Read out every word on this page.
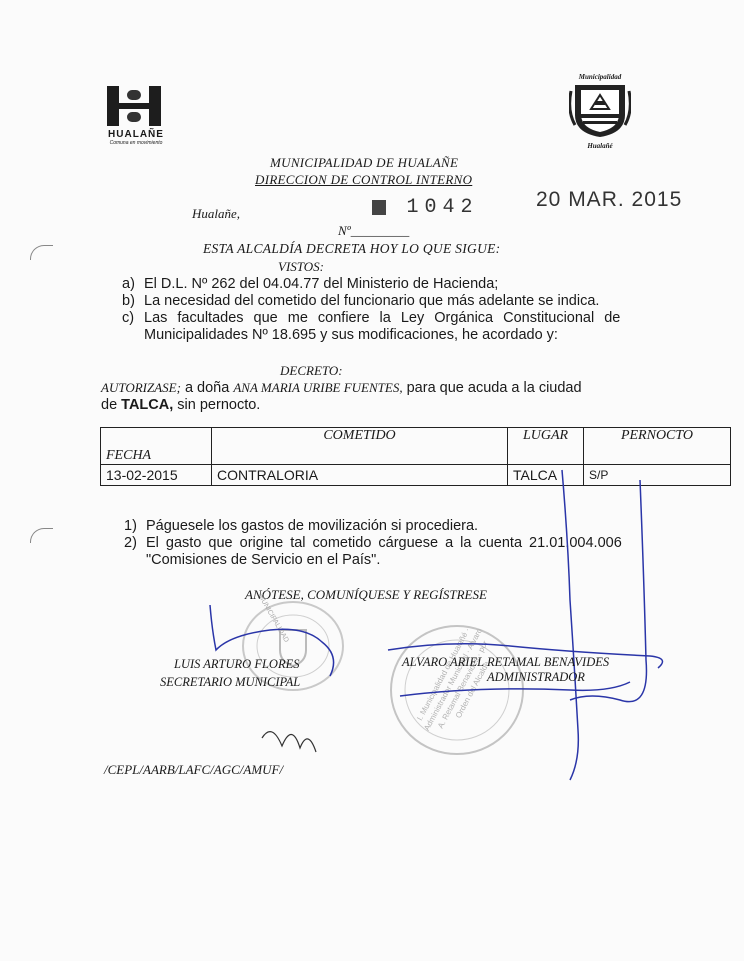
HUALAÑE
Comuna en movimiento
Municipalidad
Hualañé
MUNICIPALIDAD DE HUALAÑE
DIRECCION DE CONTROL INTERNO
Hualañe,	1042	20 MAR. 2015
Nº_________
ESTA ALCALDÍA DECRETA HOY LO QUE SIGUE:
VISTOS:
a) El D.L. Nº 262 del 04.04.77 del Ministerio de Hacienda;
b) La necesidad del cometido del funcionario que más adelante se indica.
c) Las facultades que me confiere la Ley Orgánica Constitucional de
Municipalidades Nº 18.695 y sus modificaciones, he acordado y:
DECRETO:
AUTORIZASE; a doña ANA MARIA URIBE FUENTES, para que acuda a la ciudad
de TALCA, sin pernocto.
FECHA	COMETIDO	LUGAR	PERNOCTO
13-02-2015	CONTRALORIA	TALCA	S/P
1) Páguesele los gastos de movilización si procediera.
2) El gasto que origine tal cometido cárguese a la cuenta 21.01.004.006
"Comisiones de Servicio en el País".
ANÓTESE, COMUNÍQUESE Y REGÍSTRESE
MUNICIPALIDAD
I. Municipalidad de Hualañé · Administrador Municipal · Alvaro A. Retamal Benavides · por Orden del Alcalde
LUIS ARTURO FLORES
SECRETARIO MUNICIPAL
ALVARO ARIEL RETAMAL BENAVIDES
ADMINISTRADOR
/CEPL/AARB/LAFC/AGC/AMUF/
